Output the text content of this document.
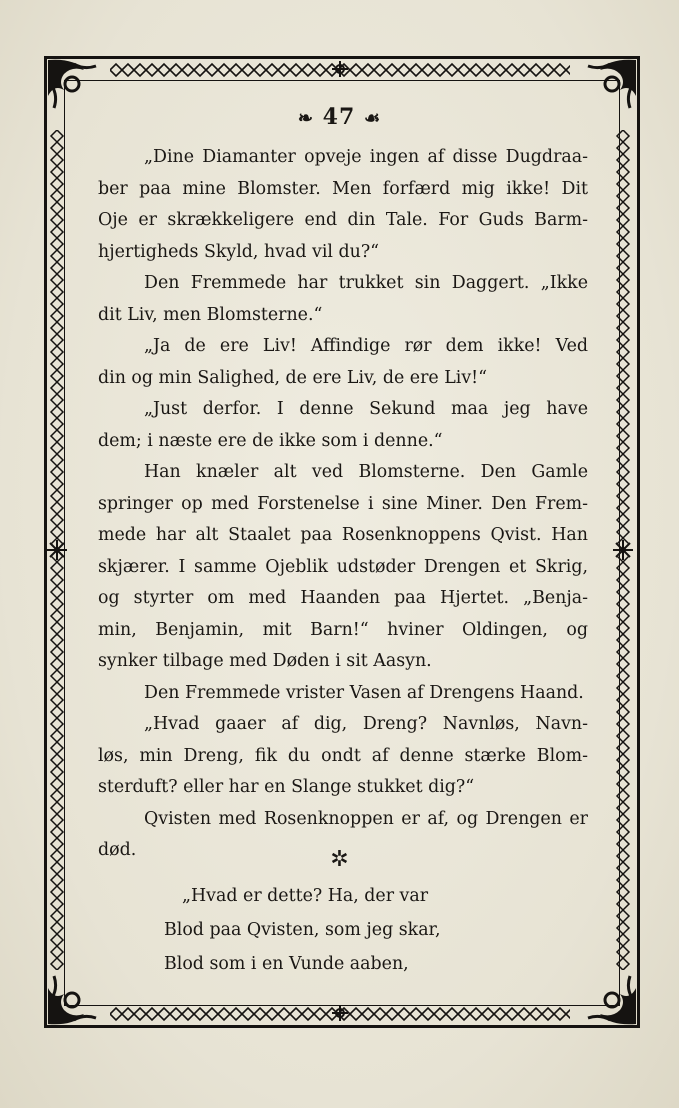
❧ 47 ☙

„Dine Diamanter opveje ingen af disse Dugdraa-
ber paa mine Blomster. Men forfærd mig ikke! Dit
Oje er skrækkeligere end din Tale. For Guds Barm-
hjertigheds Skyld, hvad vil du?“

Den Fremmede har trukket sin Daggert. „Ikke
dit Liv, men Blomsterne.“

„Ja de ere Liv! Affindige rør dem ikke! Ved
din og min Salighed, de ere Liv, de ere Liv!“

„Just derfor. I denne Sekund maa jeg have
dem; i næste ere de ikke som i denne.“

Han knæler alt ved Blomsterne. Den Gamle
springer op med Forstenelse i sine Miner. Den Frem-
mede har alt Staalet paa Rosenknoppens Qvist. Han
skjærer. I samme Ojeblik udstøder Drengen et Skrig,
og styrter om med Haanden paa Hjertet. „Benja-
min, Benjamin, mit Barn!“ hviner Oldingen, og
synker tilbage med Døden i sit Aasyn.

Den Fremmede vrister Vasen af Drengens Haand.

„Hvad gaaer af dig, Dreng? Navnløs, Navn-
løs, min Dreng, fik du ondt af denne stærke Blom-
sterduft? eller har en Slange stukket dig?“

Qvisten med Rosenknoppen er af, og Drengen er
død.	✲
„Hvad er dette? Ha, der var
Blod paa Qvisten, som jeg skar,
Blod som i en Vunde aaben,
